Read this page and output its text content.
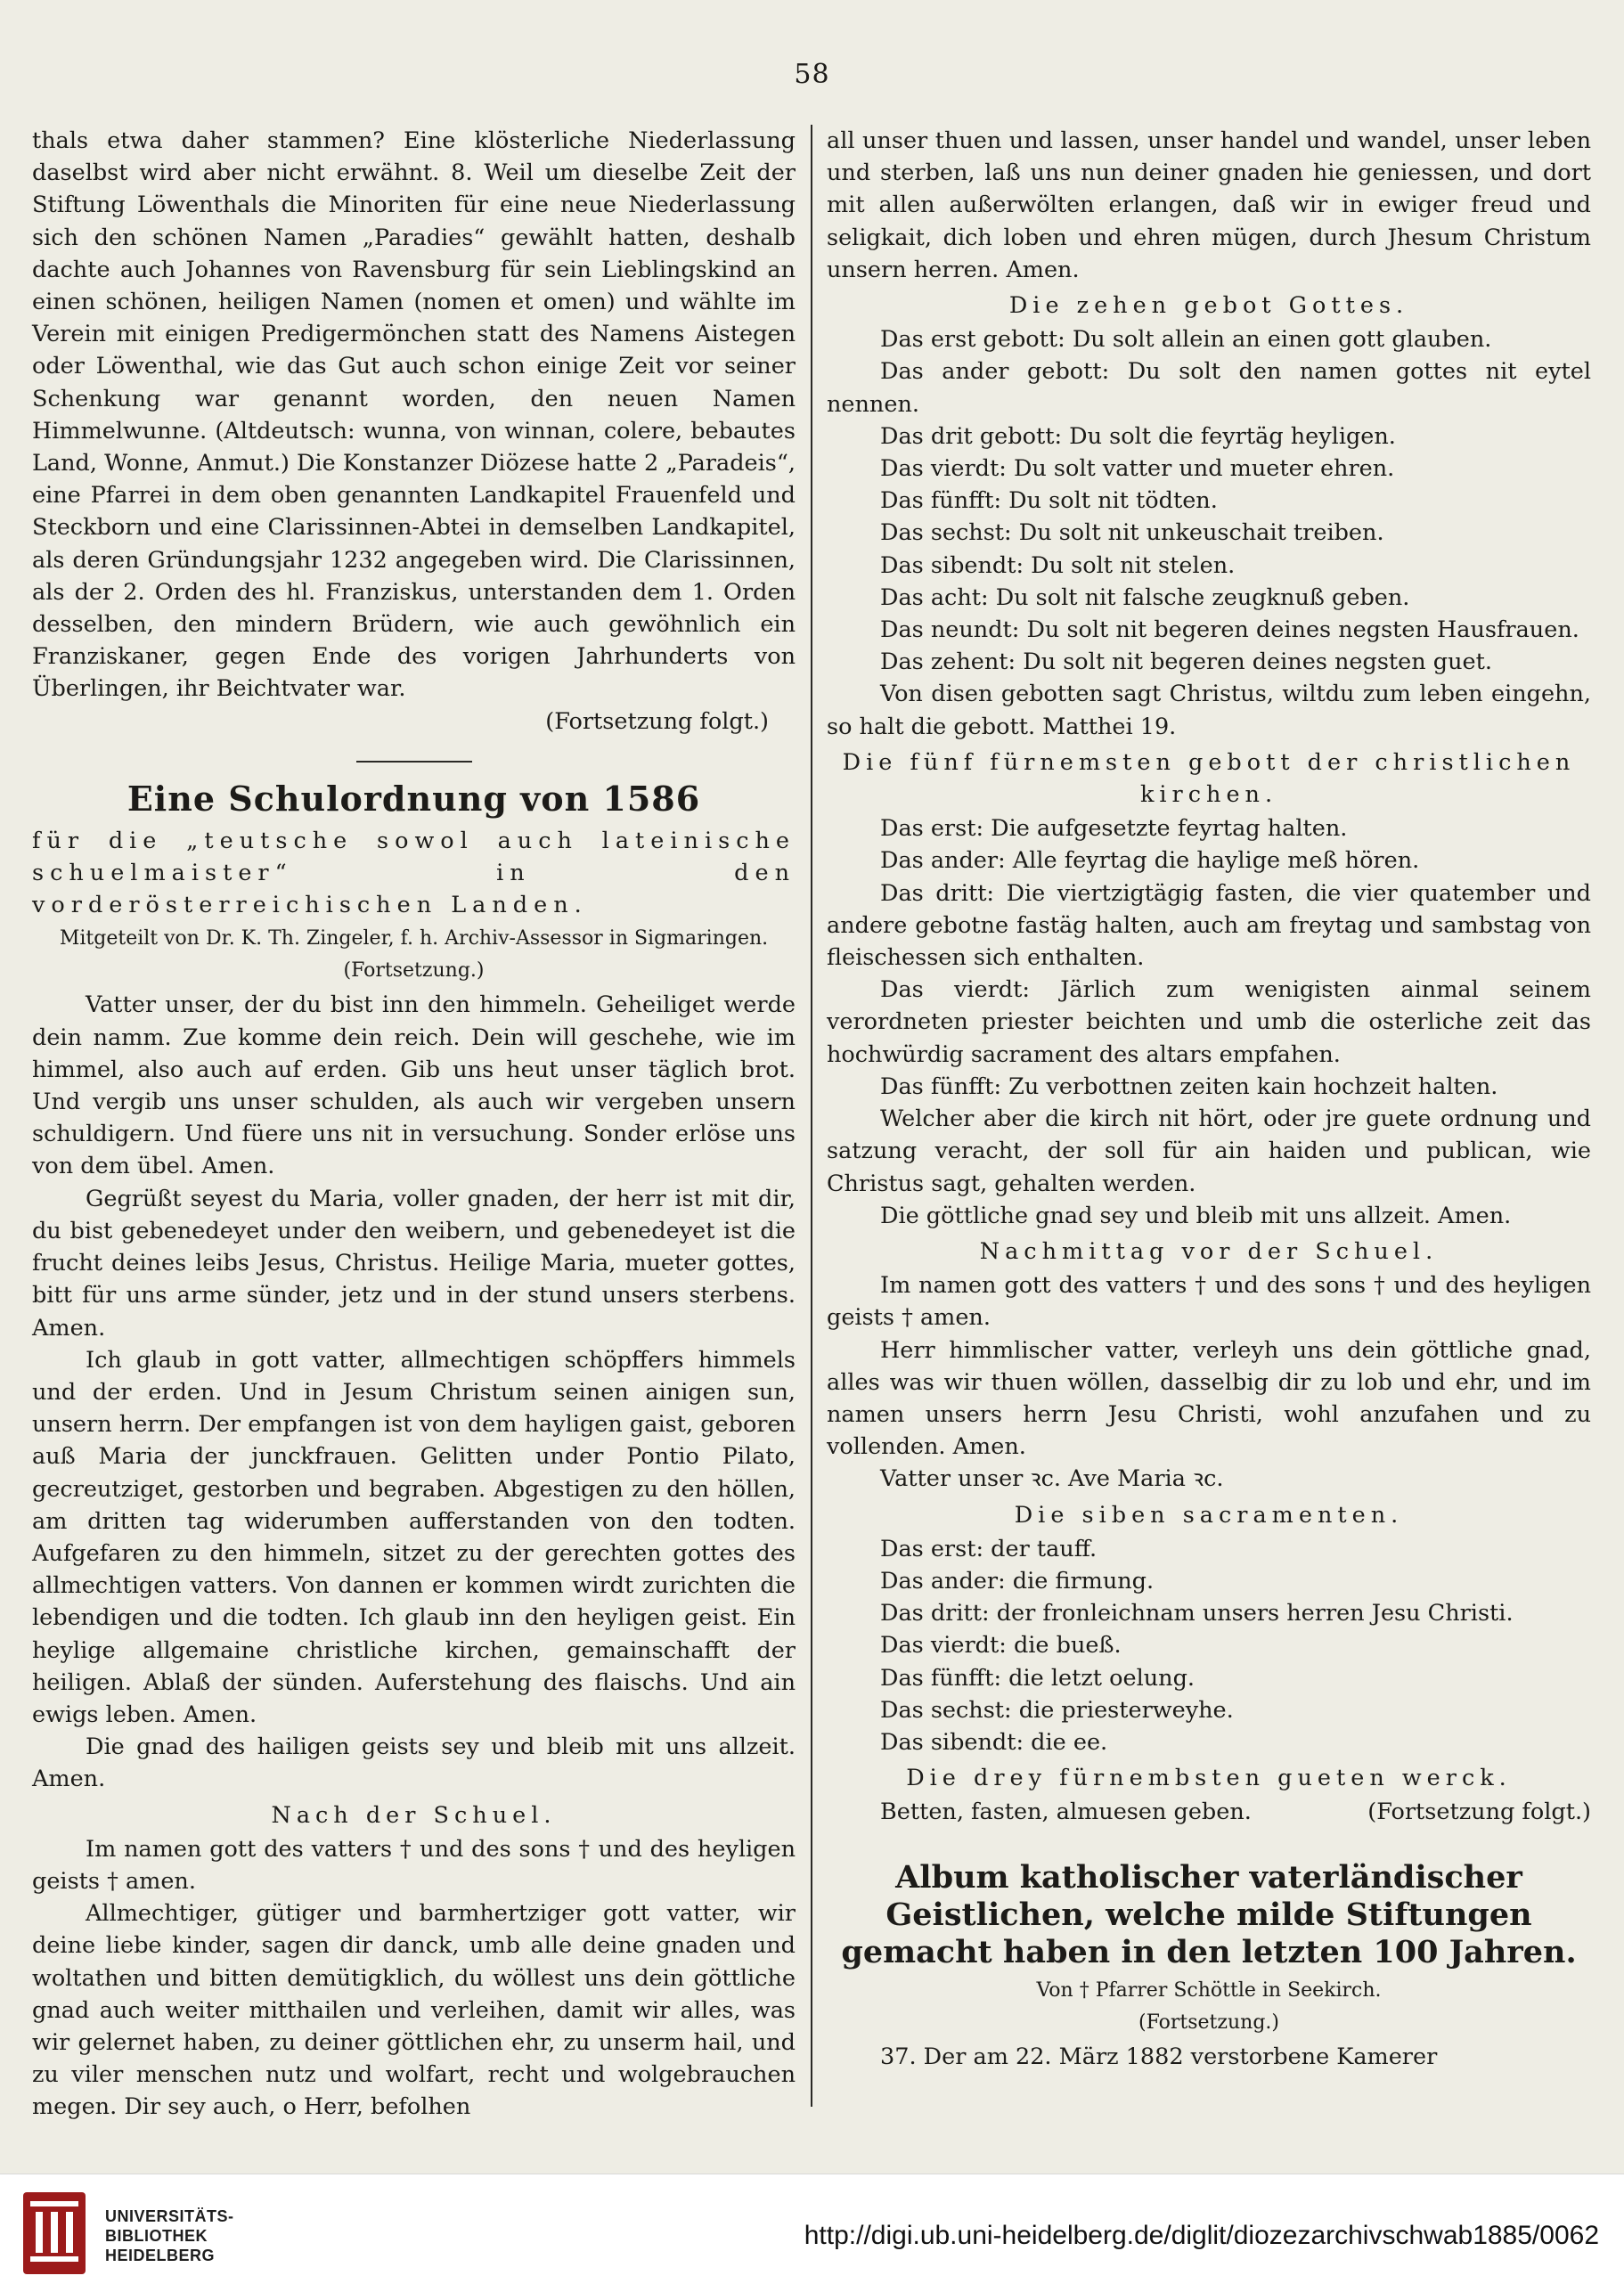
58

thals etwa daher stammen? Eine klösterliche Niederlassung daselbst wird aber nicht erwähnt. 8. Weil um dieselbe Zeit der Stiftung Löwenthals die Minoriten für eine neue Niederlassung sich den schönen Namen „Paradies“ gewählt hatten, deshalb dachte auch Johannes von Ravensburg für sein Lieblingskind an einen schönen, heiligen Namen (nomen et omen) und wählte im Verein mit einigen Predigermönchen statt des Namens Aistegen oder Löwenthal, wie das Gut auch schon einige Zeit vor seiner Schenkung war genannt worden, den neuen Namen Himmelwunne. (Altdeutsch: wunna, von winnan, colere, bebautes Land, Wonne, Anmut.) Die Konstanzer Diözese hatte 2 „Paradeis“, eine Pfarrei in dem oben genannten Landkapitel Frauenfeld und Steckborn und eine Clarissinnen-Abtei in demselben Landkapitel, als deren Gründungsjahr 1232 angegeben wird. Die Clarissinnen, als der 2. Orden des hl. Franziskus, unterstanden dem 1. Orden desselben, den mindern Brüdern, wie auch gewöhnlich ein Franziskaner, gegen Ende des vorigen Jahrhunderts von Überlingen, ihr Beichtvater war.

(Fortsetzung folgt.)

Eine Schulordnung von 1586

für die „teutsche sowol auch lateinische schuelmaister“ in den vorderösterreichischen Landen.

Mitgeteilt von Dr. K. Th. Zingeler, f. h. Archiv-Assessor in Sigmaringen.
(Fortsetzung.)

Vatter unser, der du bist inn den himmeln. Geheiliget werde dein namm. Zue komme dein reich. Dein will geschehe, wie im himmel, also auch auf erden. Gib uns heut unser täglich brot. Und vergib uns unser schulden, als auch wir vergeben unsern schuldigern. Und füere uns nit in versuchung. Sonder erlöse uns von dem übel. Amen.

Gegrüßt seyest du Maria, voller gnaden, der herr ist mit dir, du bist gebenedeyet under den weibern, und gebenedeyet ist die frucht deines leibs Jesus, Christus. Heilige Maria, mueter gottes, bitt für uns arme sünder, jetz und in der stund unsers sterbens. Amen.

Ich glaub in gott vatter, allmechtigen schöpffers himmels und der erden. Und in Jesum Christum seinen ainigen sun, unsern herrn. Der empfangen ist von dem hayligen gaist, geboren auß Maria der junckfrauen. Gelitten under Pontio Pilato, gecreutziget, gestorben und begraben. Abgestigen zu den höllen, am dritten tag widerumben aufferstanden von den todten. Aufgefaren zu den himmeln, sitzet zu der gerechten gottes des allmechtigen vatters. Von dannen er kommen wirdt zurichten die lebendigen und die todten. Ich glaub inn den heyligen geist. Ein heylige allgemaine christliche kirchen, gemainschafft der heiligen. Ablaß der sünden. Auferstehung des flaischs. Und ain ewigs leben. Amen.

Die gnad des hailigen geists sey und bleib mit uns allzeit. Amen.

Nach der Schuel.

Im namen gott des vatters † und des sons † und des heyligen geists † amen.

Allmechtiger, gütiger und barmhertziger gott vatter, wir deine liebe kinder, sagen dir danck, umb alle deine gnaden und woltathen und bitten demütigklich, du wöllest uns dein göttliche gnad auch weiter mitthailen und verleihen, damit wir alles, was wir gelernet haben, zu deiner göttlichen ehr, zu unserm hail, und zu viler menschen nutz und wolfart, recht und wolgebrauchen megen. Dir sey auch, o Herr, befolhen

all unser thuen und lassen, unser handel und wandel, unser leben und sterben, laß uns nun deiner gnaden hie geniessen, und dort mit allen außerwölten erlangen, daß wir in ewiger freud und seligkait, dich loben und ehren mügen, durch Jhesum Christum unsern herren. Amen.

Die zehen gebot Gottes.

Das erst gebott: Du solt allein an einen gott glauben.

Das ander gebott: Du solt den namen gottes nit eytel nennen.

Das drit gebott: Du solt die feyrtäg heyligen.

Das vierdt: Du solt vatter und mueter ehren.

Das fünfft: Du solt nit tödten.

Das sechst: Du solt nit unkeuschait treiben.

Das sibendt: Du solt nit stelen.

Das acht: Du solt nit falsche zeugknuß geben.

Das neundt: Du solt nit begeren deines negsten Hausfrauen.

Das zehent: Du solt nit begeren deines negsten guet.

Von disen gebotten sagt Christus, wiltdu zum leben eingehn, so halt die gebott. Matthei 19.

Die fünf fürnemsten gebott der christlichen kirchen.

Das erst: Die aufgesetzte feyrtag halten.

Das ander: Alle feyrtag die haylige meß hören.

Das dritt: Die viertzigtägig fasten, die vier quatember und andere gebotne fastäg halten, auch am freytag und sambstag von fleischessen sich enthalten.

Das vierdt: Järlich zum wenigisten ainmal seinem verordneten priester beichten und umb die osterliche zeit das hochwürdig sacrament des altars empfahen.

Das fünfft: Zu verbottnen zeiten kain hochzeit halten.

Welcher aber die kirch nit hört, oder jre guete ordnung und satzung veracht, der soll für ain haiden und publican, wie Christus sagt, gehalten werden.

Die göttliche gnad sey und bleib mit uns allzeit. Amen.

Nachmittag vor der Schuel.

Im namen gott des vatters † und des sons † und des heyligen geists † amen.

Herr himmlischer vatter, verleyh uns dein göttliche gnad, alles was wir thuen wöllen, dasselbig dir zu lob und ehr, und im namen unsers herrn Jesu Christi, wohl anzufahen und zu vollenden. Amen.

Vatter unser ꝛc. Ave Maria ꝛc.

Die siben sacramenten.

Das erst: der tauff.

Das ander: die firmung.

Das dritt: der fronleichnam unsers herren Jesu Christi.

Das vierdt: die bueß.

Das fünfft: die letzt oelung.

Das sechst: die priesterweyhe.

Das sibendt: die ee.

Die drey fürnembsten gueten werck.
Betten, fasten, almuesen geben.	(Fortsetzung folgt.)
Album katholischer vaterländischer Geistlichen, welche milde Stiftungen gemacht haben in den letzten 100 Jahren.
Von † Pfarrer Schöttle in Seekirch.
(Fortsetzung.)

37. Der am 22. März 1882 verstorbene Kamerer

UNIVERSITÄTS-
BIBLIOTHEK
HEIDELBERG
http://digi.ub.uni-heidelberg.de/diglit/diozezarchivschwab1885/0062
